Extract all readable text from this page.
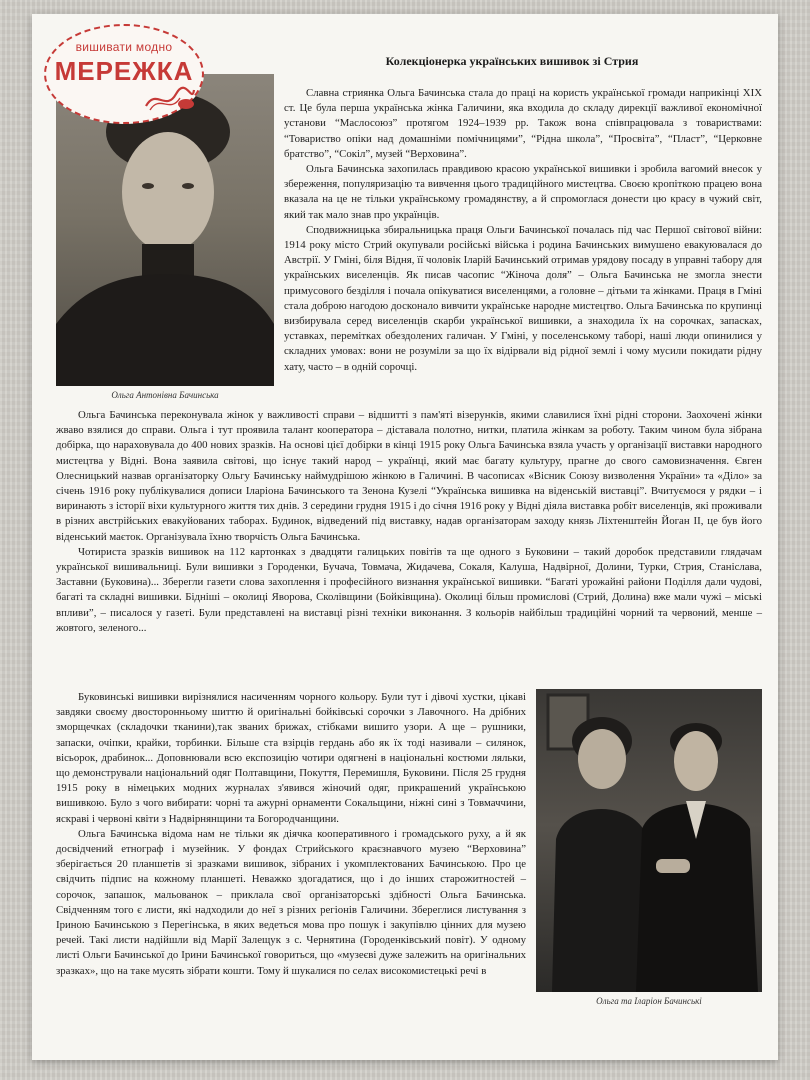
вишивати модно
МЕРЕЖКА	Колекціонерка українських вишивок зі Стрия
Ольга Антонівна Бачинська

Славна стриянка Ольга Бачинська стала до праці на користь української громади наприкінці XIX ст. Це була перша українська жінка Галичини, яка входила до складу дирекції важливої економічної установи “Маслосоюз” протягом 1924–1939 рр. Також вона співпрацювала з товариствами: “Товариство опіки над домашніми помічницями”, “Рідна школа”, “Просвіта”, “Пласт”, “Церковне братство”, “Сокіл”, музей “Верховина”.

Ольга Бачинська захопилась правдивою красою української вишивки і зробила вагомий внесок у збереження, популяризацію та вивчення цього традиційного мистецтва. Своєю кропіткою працею вона вказала на це не тільки українському громадянству, а й спромоглася донести цю красу в чужий світ, який так мало знав про українців.

Сподвижницька збиральницька праця Ольги Бачинської почалась під час Першої світової війни: 1914 року місто Стрий окупували російські війська і родина Бачинських вимушено евакуювалася до Австрії. У Гміні, біля Відня, її чоловік Іларій Бачинський отримав урядову посаду в управні табору для українських виселенців. Як писав часопис “Жіноча доля” – Ольга Бачинська не змогла знести примусового безділля і почала опікуватися виселенцями, а головне – дітьми та жінками. Праця в Гміні стала доброю нагодою досконало вивчити українське народне мистецтво. Ольга Бачинська по крупинці визбирувала серед виселенців скарби української вишивки, а знаходила їх на сорочках, запасках, уставках, перемітках обездолених галичан. У Гміні, у поселенському таборі, наші люди опинилися у складних умовах: вони не розуміли за що їх відірвали від рідної землі і чому мусили покидати рідну хату, часто – в одній сорочці.

Ольга Бачинська переконувала жінок у важливості справи – відшитті з пам'яті візерунків, якими славилися їхні рідні сторони. Заохочені жінки жваво взялися до справи. Ольга і тут проявила талант кооператора – діставала полотно, нитки, платила жінкам за роботу. Таким чином була зібрана добірка, що нараховувала до 400 нових зразків. На основі цієї добірки в кінці 1915 року Ольга Бачинська взяла участь у організації виставки народного мистецтва у Відні. Вона заявила світові, що існує такий народ – українці, який має багату культуру, прагне до свого самовизначення. Євген Олесницький назвав організаторку Ольгу Бачинську наймудрішою жінкою в Галичині. В часописах «Вісник Союзу визволення України» та «Діло» за січень 1916 року публікувалися дописи Іларіона Бачинського та Зенона Кузелі “Українська вишивка на віденській виставці”. Вчитуємося у рядки – і виринають з історії віхи культурного життя тих днів. З середини грудня 1915 і до січня 1916 року у Відні діяла виставка робіт виселенців, які проживали в різних австрійських евакуйованих таборах. Будинок, відведений під виставку, надав організаторам заходу князь Ліхтенштейн Йоган II, це був його віденський маєток. Організувала їхню творчість Ольга Бачинська.

Чотириста зразків вишивок на 112 картонках з двадцяти галицьких повітів та ще одного з Буковини – такий доробок представили глядачам української вишивальниці. Були вишивки з Городенки, Бучача, Товмача, Жидачева, Сокаля, Калуша, Надвірної, Долини, Турки, Стрия, Станіслава, Заставни (Буковина)... Зберегли газети слова захоплення і професійного визнання української вишивки. “Багаті урожайні райони Поділля дали чудові, багаті та складні вишивки. Бідніші – околиці Яворова, Сколівщини (Бойківщина). Околиці більш промислові (Стрий, Долина) вже мали чужі – міські впливи”, – писалося у газеті. Були представлені на виставці різні техніки виконання. З кольорів найбільш традиційні чорний та червоний, менше – жовтого, зеленого...

Буковинські вишивки вирізнялися насиченням чорного кольору. Були тут і дівочі хустки, цікаві завдяки своєму двосторонньому шиттю й оригінальні бойківські сорочки з Лавочного. На дрібних зморщечках (складочки тканини),так званих брижах, стібками вишито узори. А ще – рушники, запаски, очіпки, крайки, торбинки. Більше ста взірців гердань або як їх тоді називали – силянок, вісьорок, драбинок... Доповнювали всю експозицію чотири одягнені в національні костюми ляльки, що демонстрували національний одяг Полтавщини, Покуття, Перемишля, Буковини. Після 25 грудня 1915 року в німецьких модних журналах з'явився жіночий одяг, прикрашений українською вишивкою. Було з чого вибирати: чорні та ажурні орнаменти Сокальщини, ніжні сині з Товмаччини, яскраві і червоні квіти з Надвірнянщини та Богородчанщини.

Ольга Бачинська відома нам не тільки як діячка кооперативного і громадського руху, а й як досвідчений етнограф і музейник. У фондах Стрийського краєзнавчого музею “Верховина” зберігається 20 планшетів зі зразками вишивок, зібраних і укомплектованих Бачинською. Про це свідчить підпис на кожному планшеті. Неважко здогадатися, що і до інших старожитностей – сорочок, запашок, мальованок – приклала свої організаторські здібності Ольга Бачинська. Свідченням того є листи, які надходили до неї з різних регіонів Галичини. Збереглися листування з Іриною Бачинською з Перегінська, в яких ведеться мова про пошук і закупівлю цінних для музею речей. Такі листи надійшли від Марії Залещук з с. Чернятина (Городенківський повіт). У одному листі Ольги Бачинської до Ірини Бачинської говориться, що «музеєві дуже залежить на оригінальних зразках», що на таке мусять зібрати кошти. Тому й шукалися по селах високомистецькі речі в

Ольга та Іларіон Бачинські
